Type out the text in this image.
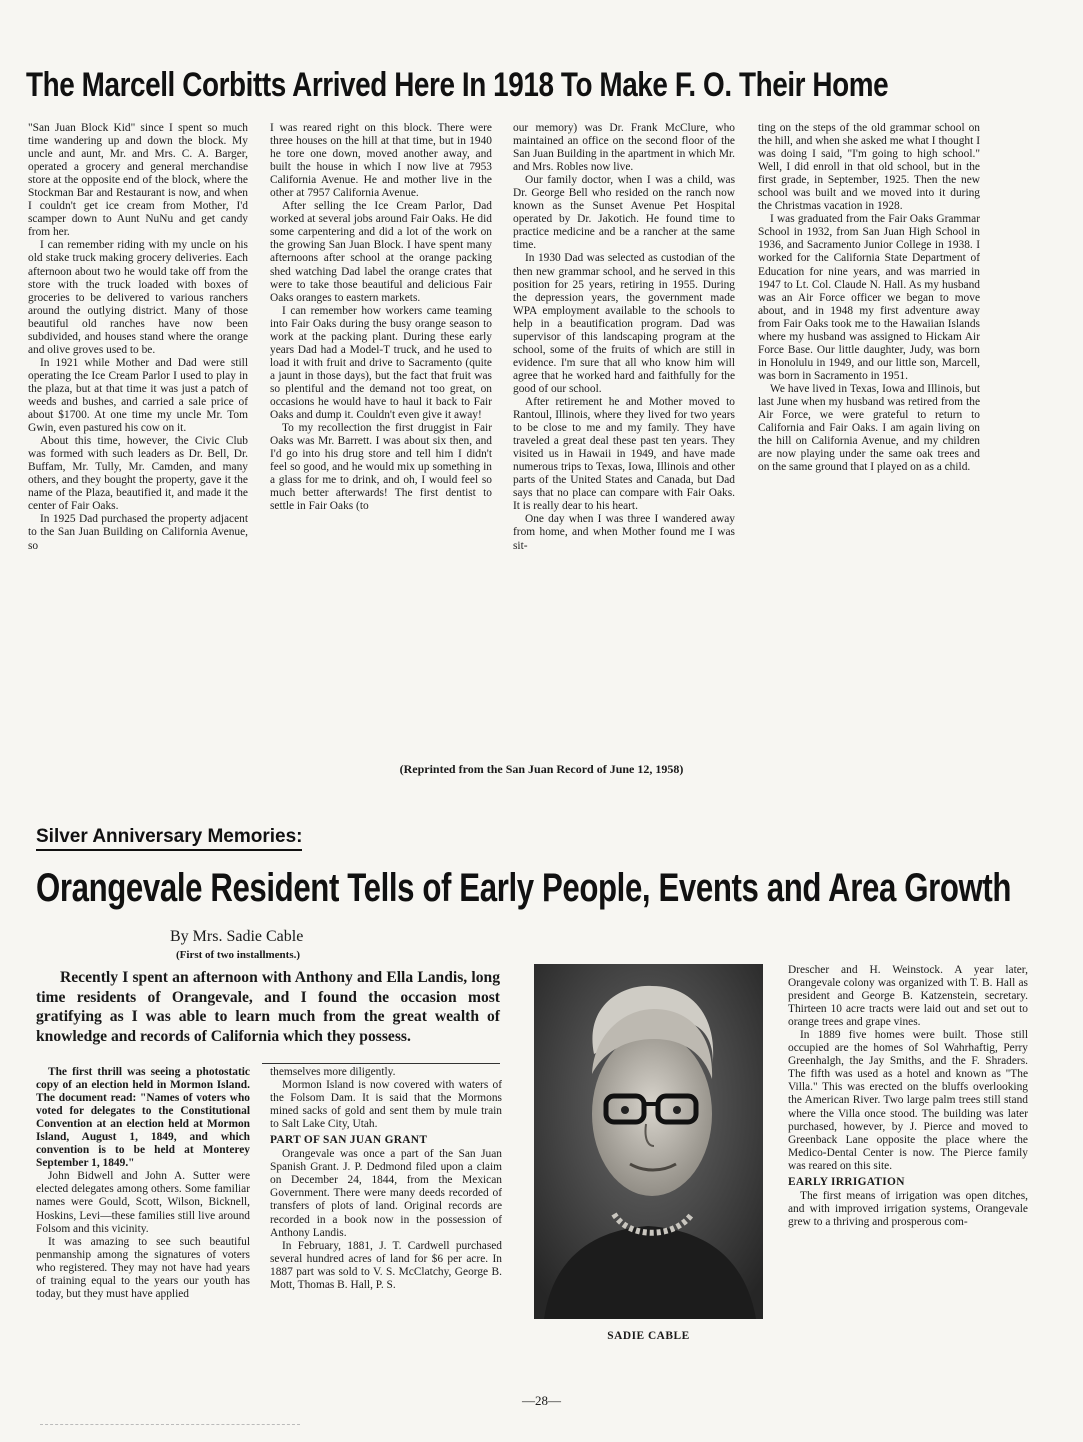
The Marcell Corbitts Arrived Here In 1918 To Make F. O. Their Home

"San Juan Block Kid" since I spent so much time wandering up and down the block. My uncle and aunt, Mr. and Mrs. C. A. Barger, operated a grocery and general merchandise store at the opposite end of the block, where the Stockman Bar and Restaurant is now, and when I couldn't get ice cream from Mother, I'd scamper down to Aunt NuNu and get candy from her.

I can remember riding with my uncle on his old stake truck making grocery deliveries. Each afternoon about two he would take off from the store with the truck loaded with boxes of groceries to be delivered to various ranchers around the outlying district. Many of those beautiful old ranches have now been subdivided, and houses stand where the orange and olive groves used to be.

In 1921 while Mother and Dad were still operating the Ice Cream Parlor I used to play in the plaza, but at that time it was just a patch of weeds and bushes, and carried a sale price of about $1700. At one time my uncle Mr. Tom Gwin, even pastured his cow on it.

About this time, however, the Civic Club was formed with such leaders as Dr. Bell, Dr. Buffam, Mr. Tully, Mr. Camden, and many others, and they bought the property, gave it the name of the Plaza, beautified it, and made it the center of Fair Oaks.

In 1925 Dad purchased the property adjacent to the San Juan Building on California Avenue, so

I was reared right on this block. There were three houses on the hill at that time, but in 1940 he tore one down, moved another away, and built the house in which I now live at 7953 California Avenue. He and mother live in the other at 7957 California Avenue.

After selling the Ice Cream Parlor, Dad worked at several jobs around Fair Oaks. He did some carpentering and did a lot of the work on the growing San Juan Block. I have spent many afternoons after school at the orange packing shed watching Dad label the orange crates that were to take those beautiful and delicious Fair Oaks oranges to eastern markets.

I can remember how workers came teaming into Fair Oaks during the busy orange season to work at the packing plant. During these early years Dad had a Model-T truck, and he used to load it with fruit and drive to Sacramento (quite a jaunt in those days), but the fact that fruit was so plentiful and the demand not too great, on occasions he would have to haul it back to Fair Oaks and dump it. Couldn't even give it away!

To my recollection the first druggist in Fair Oaks was Mr. Barrett. I was about six then, and I'd go into his drug store and tell him I didn't feel so good, and he would mix up something in a glass for me to drink, and oh, I would feel so much better afterwards! The first dentist to settle in Fair Oaks (to

our memory) was Dr. Frank McClure, who maintained an office on the second floor of the San Juan Building in the apartment in which Mr. and Mrs. Robles now live.

Our family doctor, when I was a child, was Dr. George Bell who resided on the ranch now known as the Sunset Avenue Pet Hospital operated by Dr. Jakotich. He found time to practice medicine and be a rancher at the same time.

In 1930 Dad was selected as custodian of the then new grammar school, and he served in this position for 25 years, retiring in 1955. During the depression years, the government made WPA employment available to the schools to help in a beautification program. Dad was supervisor of this landscaping program at the school, some of the fruits of which are still in evidence. I'm sure that all who know him will agree that he worked hard and faithfully for the good of our school.

After retirement he and Mother moved to Rantoul, Illinois, where they lived for two years to be close to me and my family. They have traveled a great deal these past ten years. They visited us in Hawaii in 1949, and have made numerous trips to Texas, Iowa, Illinois and other parts of the United States and Canada, but Dad says that no place can compare with Fair Oaks. It is really dear to his heart.

One day when I was three I wandered away from home, and when Mother found me I was sit-

ting on the steps of the old grammar school on the hill, and when she asked me what I thought I was doing I said, "I'm going to high school." Well, I did enroll in that old school, but in the first grade, in September, 1925. Then the new school was built and we moved into it during the Christmas vacation in 1928.

I was graduated from the Fair Oaks Grammar School in 1932, from San Juan High School in 1936, and Sacramento Junior College in 1938. I worked for the California State Department of Education for nine years, and was married in 1947 to Lt. Col. Claude N. Hall. As my husband was an Air Force officer we began to move about, and in 1948 my first adventure away from Fair Oaks took me to the Hawaiian Islands where my husband was assigned to Hickam Air Force Base. Our little daughter, Judy, was born in Honolulu in 1949, and our little son, Marcell, was born in Sacramento in 1951.

We have lived in Texas, Iowa and Illinois, but last June when my husband was retired from the Air Force, we were grateful to return to California and Fair Oaks. I am again living on the hill on California Avenue, and my children are now playing under the same oak trees and on the same ground that I played on as a child.

(Reprinted from the San Juan Record of June 12, 1958)
Silver Anniversary Memories:
Orangevale Resident Tells of Early People, Events and Area Growth
By Mrs. Sadie Cable
(First of two installments.)
Recently I spent an afternoon with Anthony and Ella Landis, long time residents of Orangevale, and I found the occasion most gratifying as I was able to learn much from the great wealth of knowledge and records of California which they possess.

The first thrill was seeing a photostatic copy of an election held in Mormon Island. The document read: "Names of voters who voted for delegates to the Constitutional Convention at an election held at Mormon Island, August 1, 1849, and which convention is to be held at Monterey September 1, 1849."

John Bidwell and John A. Sutter were elected delegates among others. Some familiar names were Gould, Scott, Wilson, Bicknell, Hoskins, Levi—these families still live around Folsom and this vicinity.

It was amazing to see such beautiful penmanship among the signatures of voters who registered. They may not have had years of training equal to the years our youth has today, but they must have applied

themselves more diligently.

Mormon Island is now covered with waters of the Folsom Dam. It is said that the Mormons mined sacks of gold and sent them by mule train to Salt Lake City, Utah.

PART OF SAN JUAN GRANT

Orangevale was once a part of the San Juan Spanish Grant. J. P. Dedmond filed upon a claim on December 24, 1844, from the Mexican Government. There were many deeds recorded of transfers of plots of land. Original records are recorded in a book now in the possession of Anthony Landis.

In February, 1881, J. T. Cardwell purchased several hundred acres of land for $6 per acre. In 1887 part was sold to V. S. McClatchy, George B. Mott, Thomas B. Hall, P. S.

SADIE CABLE

Drescher and H. Weinstock. A year later, Orangevale colony was organized with T. B. Hall as president and George B. Katzenstein, secretary. Thirteen 10 acre tracts were laid out and set out to orange trees and grape vines.

In 1889 five homes were built. Those still occupied are the homes of Sol Wahrhaftig, Perry Greenhalgh, the Jay Smiths, and the F. Shraders. The fifth was used as a hotel and known as "The Villa." This was erected on the bluffs overlooking the American River. Two large palm trees still stand where the Villa once stood. The building was later purchased, however, by J. Pierce and moved to Greenback Lane opposite the place where the Medico-Dental Center is now. The Pierce family was reared on this site.

EARLY IRRIGATION

The first means of irrigation was open ditches, and with improved irrigation systems, Orangevale grew to a thriving and prosperous com-

—28—
